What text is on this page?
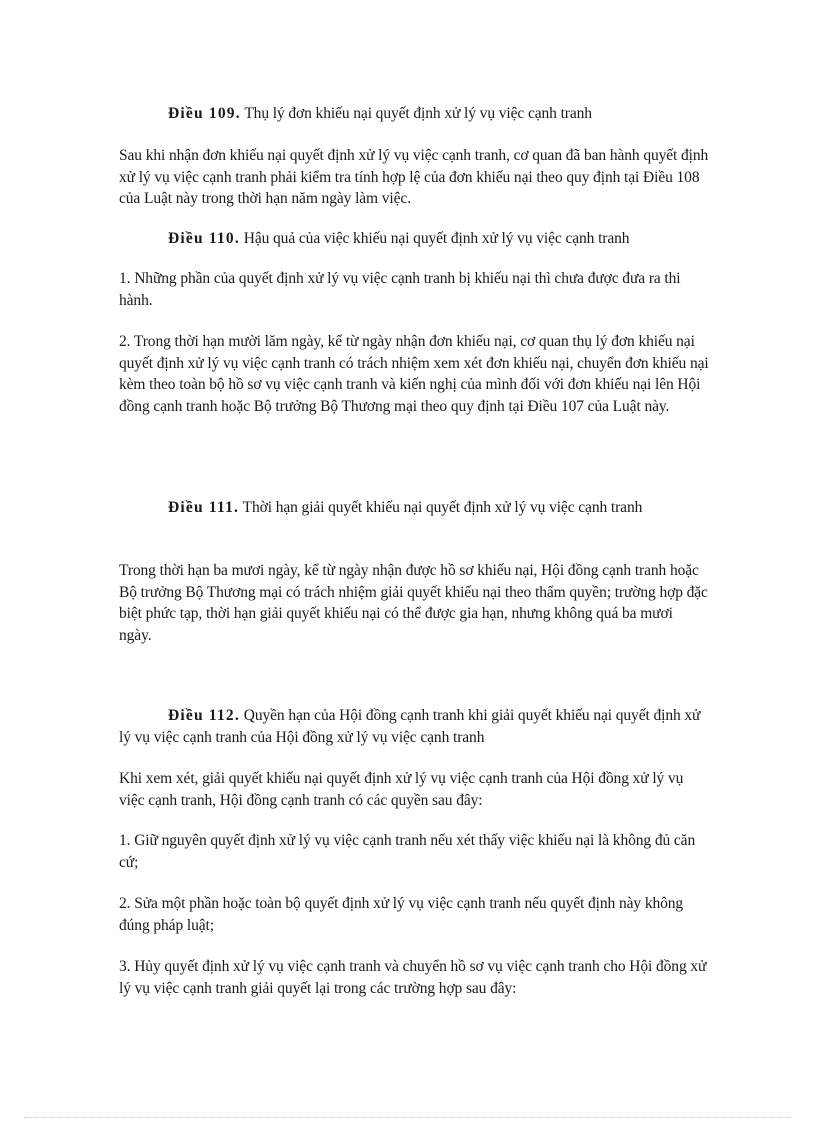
Điều 109. Thụ lý đơn khiếu nại quyết định xử lý vụ việc cạnh tranh

Sau khi nhận đơn khiếu nại quyết định xử lý vụ việc cạnh tranh, cơ quan đã ban hành quyết định xử lý vụ việc cạnh tranh phải kiểm tra tính hợp lệ của đơn khiếu nại theo quy định tại Điều 108 của Luật này trong thời hạn năm ngày làm việc.

Điều 110. Hậu quả của việc khiếu nại quyết định xử lý vụ việc cạnh tranh

1. Những phần của quyết định xử lý vụ việc cạnh tranh bị khiếu nại thì chưa được đưa ra thi hành.

2. Trong thời hạn mười lăm ngày, kể từ ngày nhận đơn khiếu nại, cơ quan thụ lý đơn khiếu nại quyết định xử lý vụ việc cạnh tranh có trách nhiệm xem xét đơn khiếu nại, chuyển đơn khiếu nại kèm theo toàn bộ hồ sơ vụ việc cạnh tranh và kiến nghị của mình đối với đơn khiếu nại lên Hội đồng cạnh tranh hoặc Bộ trưởng Bộ Thương mại theo quy định tại Điều 107 của Luật này.

Điều 111. Thời hạn giải quyết khiếu nại quyết định xử lý vụ việc cạnh tranh

Trong thời hạn ba mươi ngày, kể từ ngày nhận được hồ sơ khiếu nại, Hội đồng cạnh tranh hoặc Bộ trưởng Bộ Thương mại có trách nhiệm giải quyết khiếu nại theo thẩm quyền; trường hợp đặc biệt phức tạp, thời hạn giải quyết khiếu nại có thể được gia hạn, nhưng không quá ba mươi ngày.

Điều 112. Quyền hạn của Hội đồng cạnh tranh khi giải quyết khiếu nại quyết định xử lý vụ việc cạnh tranh của Hội đồng xử lý vụ việc cạnh tranh

Khi xem xét, giải quyết khiếu nại quyết định xử lý vụ việc cạnh tranh của Hội đồng xử lý vụ việc cạnh tranh, Hội đồng cạnh tranh có các quyền sau đây:

1. Giữ nguyên quyết định xử lý vụ việc cạnh tranh nếu xét thấy việc khiếu nại là không đủ căn cứ;

2. Sửa một phần hoặc toàn bộ quyết định xử lý vụ việc cạnh tranh nếu quyết định này không đúng pháp luật;

3. Hủy quyết định xử lý vụ việc cạnh tranh và chuyển hồ sơ vụ việc cạnh tranh cho Hội đồng xử lý vụ việc cạnh tranh giải quyết lại trong các trường hợp sau đây:
